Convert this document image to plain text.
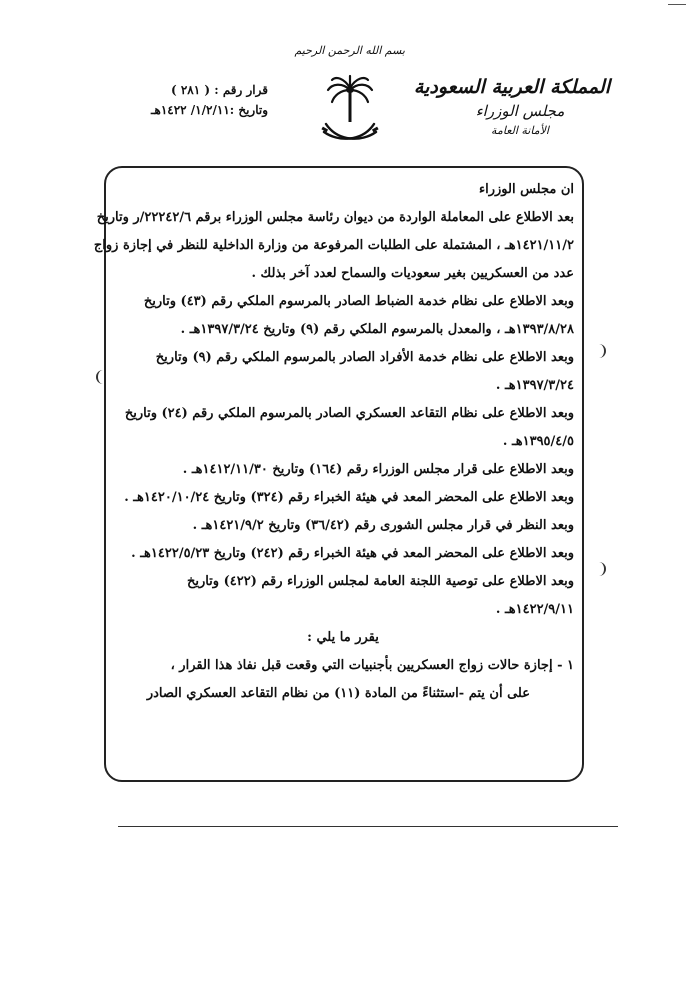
بسم الله الرحمن الرحيم
المملكة العربية السعودية
مجلس الوزراء
الأمانة العامة
قرار رقم : ( ٢٨١ )
وتاريخ :١/٢/١١/ ١٤٢٢هـ
ان مجلس الوزراء
بعد الاطلاع على المعاملة الواردة من ديوان رئاسة مجلس الوزراء برقم ٢٢٢٤٢/٦/ر وتاريخ
١٤٢١/١١/٢هـ ، المشتملة على الطلبات المرفوعة من وزارة الداخلية للنظر في إجازة زواج
عدد من العسكريين بغير سعوديات والسماح لعدد آخر بذلك .
وبعد الاطلاع على نظام خدمة الضباط الصادر بالمرسوم الملكي رقم (٤٣) وتاريخ
١٣٩٣/٨/٢٨هـ ، والمعدل بالمرسوم الملكي رقم (٩) وتاريخ ١٣٩٧/٣/٢٤هـ .
وبعد الاطلاع على نظام خدمة الأفراد الصادر بالمرسوم الملكي رقم (٩) وتاريخ
١٣٩٧/٣/٢٤هـ .
وبعد الاطلاع على نظام التقاعد العسكري الصادر بالمرسوم الملكي رقم (٢٤) وتاريخ
١٣٩٥/٤/٥هـ .
وبعد الاطلاع على قرار مجلس الوزراء رقم (١٦٤) وتاريخ ١٤١٢/١١/٣٠هـ .
وبعد الاطلاع على المحضر المعد في هيئة الخبراء رقم (٣٢٤) وتاريخ ١٤٢٠/١٠/٢٤هـ .
وبعد النظر في قرار مجلس الشورى رقم (٣٦/٤٢) وتاريخ ١٤٢١/٩/٢هـ .
وبعد الاطلاع على المحضر المعد في هيئة الخبراء رقم (٢٤٢) وتاريخ ١٤٢٢/٥/٢٣هـ .
وبعد الاطلاع على توصية اللجنة العامة لمجلس الوزراء رقم (٤٢٢) وتاريخ
١٤٢٢/٩/١١هـ .
يقرر ما يلي :
١ - إجازة حالات زواج العسكريين بأجنبيات التي وقعت قبل نفاذ هذا القرار ،
على أن يتم -استثناءً من المادة (١١) من نظام التقاعد العسكري الصادر
